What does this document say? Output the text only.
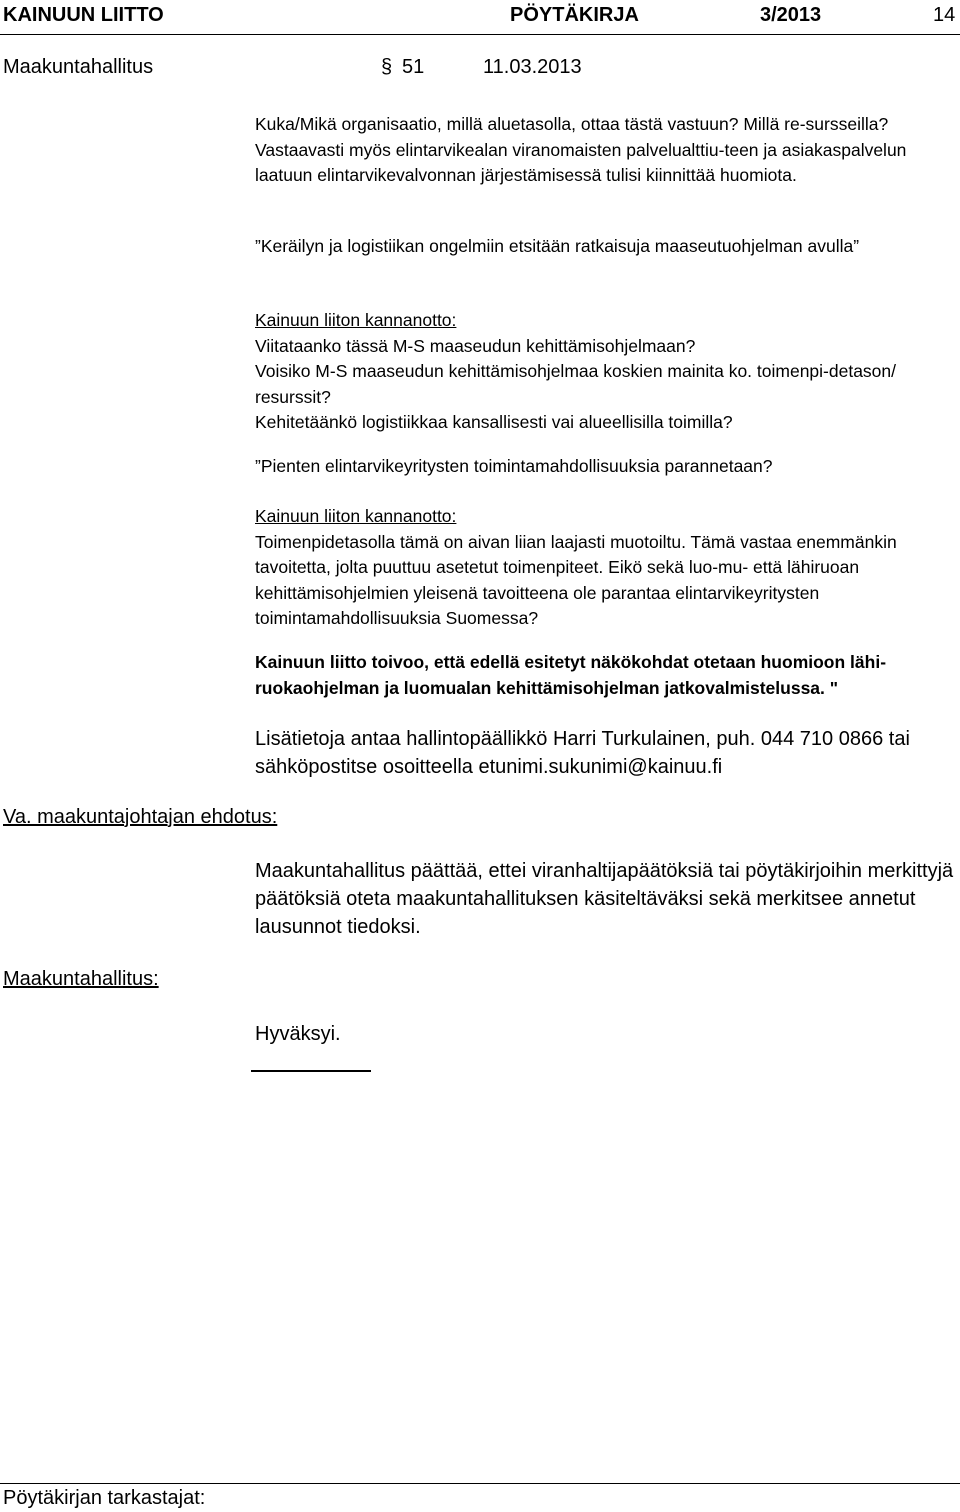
KAINUUN LIITTO	PÖYTÄKIRJA	3/2013	14
Maakuntahallitus	§ 51	11.03.2013

Kuka/Mikä organisaatio, millä aluetasolla, ottaa tästä vastuun? Millä re-sursseilla? Vastaavasti myös elintarvikealan viranomaisten palvelualttiu-teen ja asiakaspalvelun laatuun elintarvikevalvonnan järjestämisessä tulisi kiinnittää huomiota.

”Keräilyn ja logistiikan ongelmiin etsitään ratkaisuja maaseutuohjelman avulla”

Kainuun liiton kannanotto:

Viitataanko tässä M-S maaseudun kehittämisohjelmaan?

Voisiko M-S maaseudun kehittämisohjelmaa koskien mainita ko. toimenpi-detason/ resurssit?

Kehitetäänkö logistiikkaa kansallisesti vai alueellisilla toimilla?

”Pienten elintarvikeyritysten toimintamahdollisuuksia parannetaan?

Kainuun liiton kannanotto:

Toimenpidetasolla tämä on aivan liian laajasti muotoiltu. Tämä vastaa enemmänkin tavoitetta, jolta puuttuu asetetut toimenpiteet. Eikö sekä luo-mu- että lähiruoan kehittämisohjelmien yleisenä tavoitteena ole parantaa elintarvikeyritysten toimintamahdollisuuksia Suomessa?

Kainuun liitto toivoo, että edellä esitetyt näkökohdat otetaan huomioon lähi-ruokaohjelman ja luomualan kehittämisohjelman jatkovalmistelussa. "

Lisätietoja antaa hallintopäällikkö Harri Turkulainen, puh. 044 710 0866 tai sähköpostitse osoitteella etunimi.sukunimi@kainuu.fi

Va. maakuntajohtajan ehdotus:

Maakuntahallitus päättää, ettei viranhaltijapäätöksiä tai pöytäkirjoihin merkittyjä päätöksiä oteta maakuntahallituksen käsiteltäväksi sekä merkitsee annetut lausunnot tiedoksi.

Maakuntahallitus:

Hyväksyi.

Pöytäkirjan tarkastajat:
